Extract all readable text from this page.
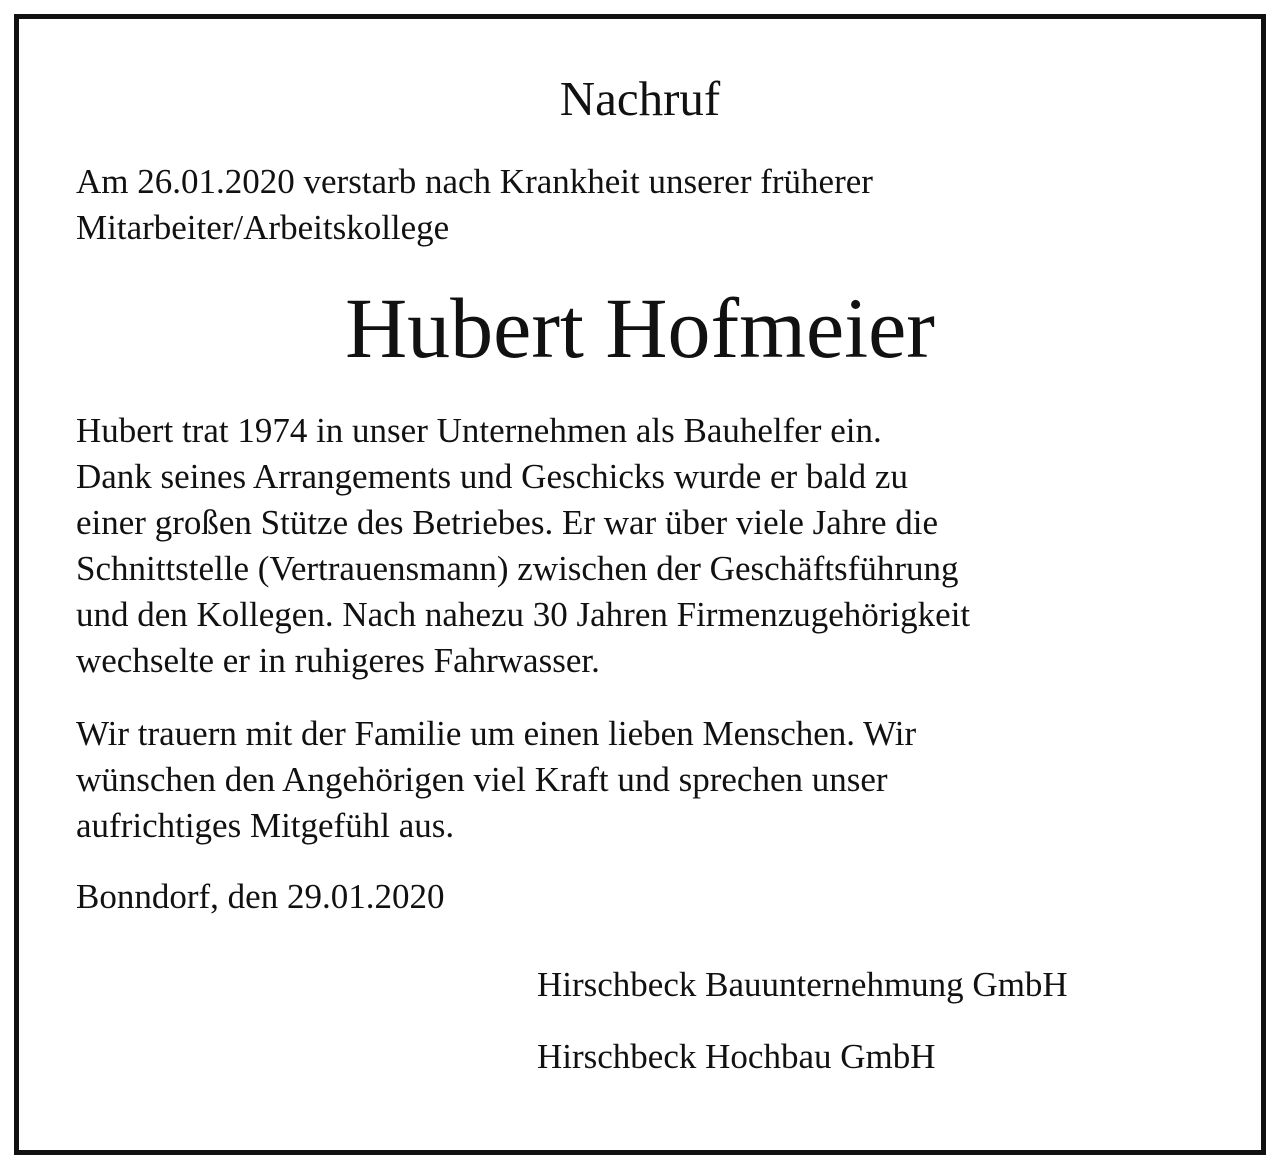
Nachruf
Am 26.01.2020 verstarb nach Krankheit unserer früherer
Mitarbeiter/Arbeitskollege
Hubert Hofmeier
Hubert trat 1974 in unser Unternehmen als Bauhelfer ein.
Dank seines Arrangements und Geschicks wurde er bald zu
einer großen Stütze des Betriebes. Er war über viele Jahre die
Schnittstelle (Vertrauensmann) zwischen der Geschäftsführung
und den Kollegen. Nach nahezu 30 Jahren Firmenzugehörigkeit
wechselte er in ruhigeres Fahrwasser.
Wir trauern mit der Familie um einen lieben Menschen. Wir
wünschen den Angehörigen viel Kraft und sprechen unser
aufrichtiges Mitgefühl aus.
Bonndorf, den 29.01.2020
Hirschbeck Bauunternehmung GmbH
Hirschbeck Hochbau GmbH
